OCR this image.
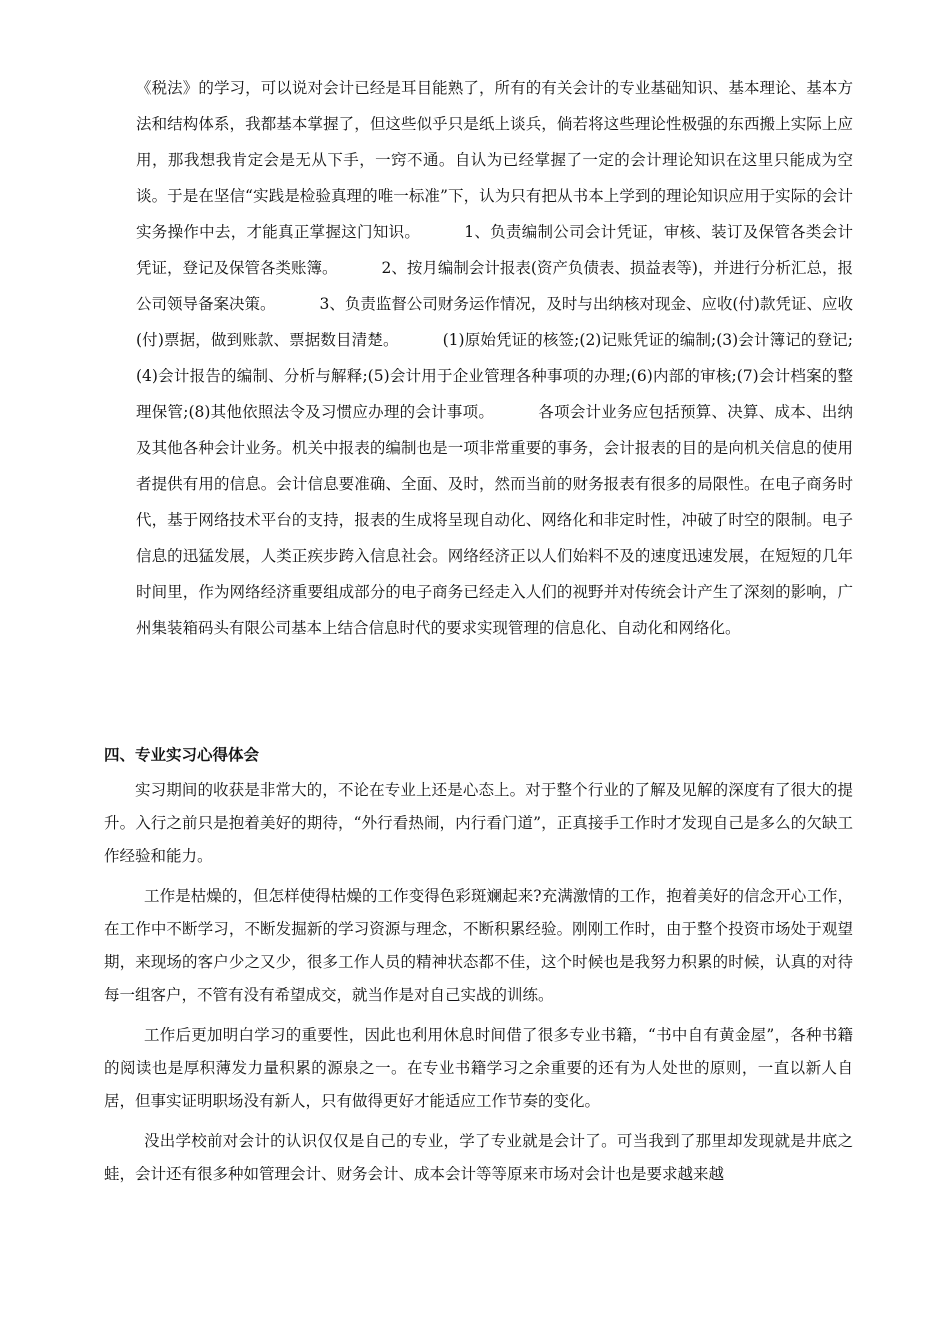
《税法》的学习，可以说对会计已经是耳目能熟了，所有的有关会计的专业基础知识、基本理论、基本方法和结构体系，我都基本掌握了，但这些似乎只是纸上谈兵，倘若将这些理论性极强的东西搬上实际上应用，那我想我肯定会是无从下手，一窍不通。自认为已经掌握了一定的会计理论知识在这里只能成为空谈。于是在坚信“实践是检验真理的唯一标准”下，认为只有把从书本上学到的理论知识应用于实际的会计实务操作中去，才能真正掌握这门知识。	1、负责编制公司会计凭证，审核、装订及保管各类会计凭证，登记及保管各类账簿。	2、按月编制会计报表(资产负债表、损益表等)，并进行分析汇总，报公司领导备案决策。	3、负责监督公司财务运作情况，及时与出纳核对现金、应收(付)款凭证、应收(付)票据，做到账款、票据数目清楚。	(1)原始凭证的核签;(2)记账凭证的编制;(3)会计簿记的登记;(4)会计报告的编制、分析与解释;(5)会计用于企业管理各种事项的办理;(6)内部的审核;(7)会计档案的整理保管;(8)其他依照法令及习惯应办理的会计事项。	各项会计业务应包括预算、决算、成本、出纳及其他各种会计业务。机关中报表的编制也是一项非常重要的事务，会计报表的目的是向机关信息的使用者提供有用的信息。会计信息要准确、全面、及时，然而当前的财务报表有很多的局限性。在电子商务时代，基于网络技术平台的支持，报表的生成将呈现自动化、网络化和非定时性，冲破了时空的限制。电子信息的迅猛发展，人类正疾步跨入信息社会。网络经济正以人们始料不及的速度迅速发展，在短短的几年时间里，作为网络经济重要组成部分的电子商务已经走入人们的视野并对传统会计产生了深刻的影响，广州集装箱码头有限公司基本上结合信息时代的要求实现管理的信息化、自动化和网络化。

四、专业实习心得体会

实习期间的收获是非常大的，不论在专业上还是心态上。对于整个行业的了解及见解的深度有了很大的提升。入行之前只是抱着美好的期待，“外行看热闹，内行看门道”，正真接手工作时才发现自己是多么的欠缺工作经验和能力。

工作是枯燥的，但怎样使得枯燥的工作变得色彩斑斓起来?充满激情的工作，抱着美好的信念开心工作，在工作中不断学习，不断发掘新的学习资源与理念，不断积累经验。刚刚工作时，由于整个投资市场处于观望期，来现场的客户少之又少，很多工作人员的精神状态都不佳，这个时候也是我努力积累的时候，认真的对待每一组客户，不管有没有希望成交，就当作是对自己实战的训练。

工作后更加明白学习的重要性，因此也利用休息时间借了很多专业书籍，“书中自有黄金屋”，各种书籍的阅读也是厚积薄发力量积累的源泉之一。在专业书籍学习之余重要的还有为人处世的原则，一直以新人自居，但事实证明职场没有新人，只有做得更好才能适应工作节奏的变化。

没出学校前对会计的认识仅仅是自己的专业，学了专业就是会计了。可当我到了那里却发现就是井底之蛙，会计还有很多种如管理会计、财务会计、成本会计等等原来市场对会计也是要求越来越
